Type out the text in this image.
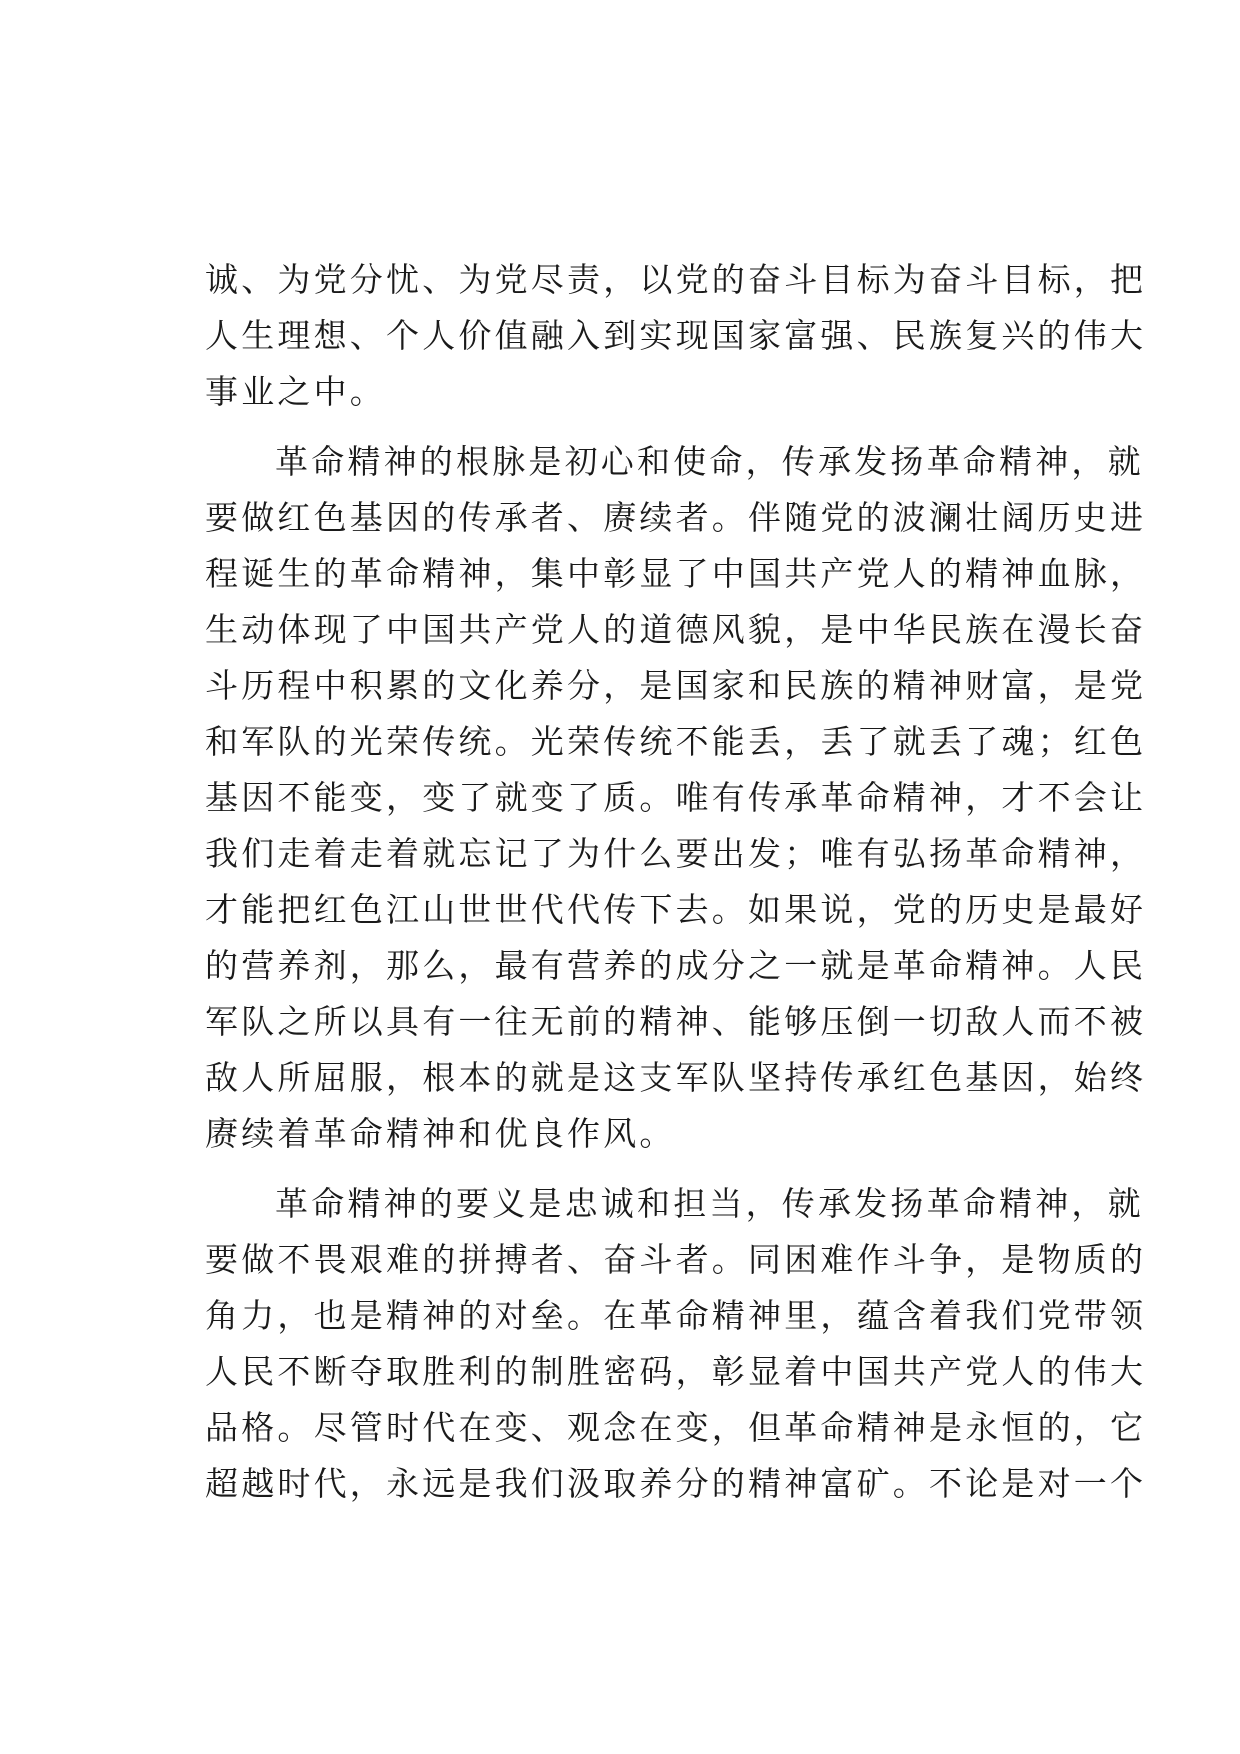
诚、为党分忧、为党尽责，以党的奋斗目标为奋斗目标，把
人生理想、个人价值融入到实现国家富强、民族复兴的伟大
事业之中。
革命精神的根脉是初心和使命，传承发扬革命精神，就
要做红色基因的传承者、赓续者。伴随党的波澜壮阔历史进
程诞生的革命精神，集中彰显了中国共产党人的精神血脉，
生动体现了中国共产党人的道德风貌，是中华民族在漫长奋
斗历程中积累的文化养分，是国家和民族的精神财富，是党
和军队的光荣传统。光荣传统不能丢，丢了就丢了魂；红色
基因不能变，变了就变了质。唯有传承革命精神，才不会让
我们走着走着就忘记了为什么要出发；唯有弘扬革命精神，
才能把红色江山世世代代传下去。如果说，党的历史是最好
的营养剂，那么，最有营养的成分之一就是革命精神。人民
军队之所以具有一往无前的精神、能够压倒一切敌人而不被
敌人所屈服，根本的就是这支军队坚持传承红色基因，始终
赓续着革命精神和优良作风。
革命精神的要义是忠诚和担当，传承发扬革命精神，就
要做不畏艰难的拼搏者、奋斗者。同困难作斗争，是物质的
角力，也是精神的对垒。在革命精神里，蕴含着我们党带领
人民不断夺取胜利的制胜密码，彰显着中国共产党人的伟大
品格。尽管时代在变、观念在变，但革命精神是永恒的，它
超越时代，永远是我们汲取养分的精神富矿。不论是对一个
